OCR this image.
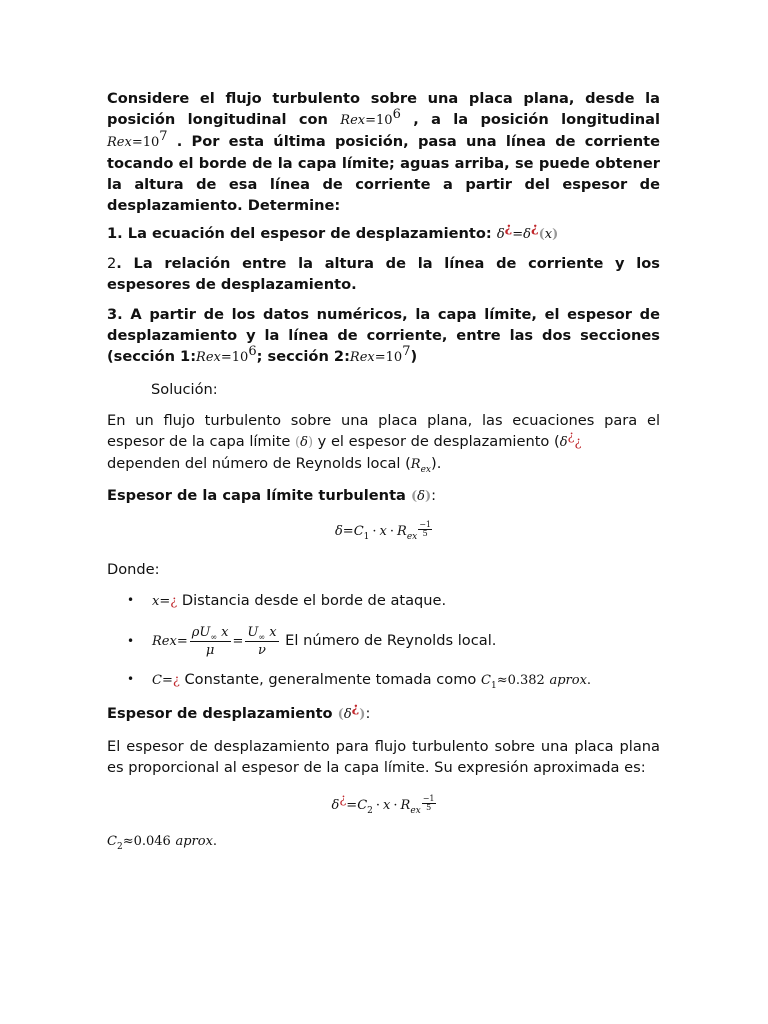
Considere el flujo turbulento sobre una placa plana, desde la posición longitudinal con $Rex=10^6$ , a la posición longitudinal $Rex=10^7$ . Por esta última posición, pasa una línea de corriente tocando el borde de la capa límite; aguas arriba, se puede obtener la altura de esa línea de corriente a partir del espesor de desplazamiento. Determine:

1. La ecuación del espesor de desplazamiento: δ¿=δ¿(x)

2. La relación entre la altura de la línea de corriente y los espesores de desplazamiento.

3. A partir de los datos numéricos, la capa límite, el espesor de desplazamiento y la línea de corriente, entre las dos secciones (sección $1:Rex=10^6$; sección $2:Rex=10^7$)

Solución:

En un flujo turbulento sobre una placa plana, las ecuaciones para el espesor de la capa límite (δ) y el espesor de desplazamiento (δ¿¿
dependen del número de Reynolds local $(R_{ex})$.

Espesor de la capa límite turbulenta (δ):

$\delta=C_1 \cdot x \cdot R_{ex} \frac{-1}{5}$

Donde:

• x=¿ Distancia desde el borde de ataque.
• $Rex= \frac{\rho U_\infty x}{\mu} = \frac{U_\infty x}{\nu}$ El número de Reynolds local.
• C=¿ Constante, generalmente tomada como $C_1\approx 0.382$ aprox.

Espesor de desplazamiento (δ¿):

El espesor de desplazamiento para flujo turbulento sobre una placa plana es proporcional al espesor de la capa límite. Su expresión aproximada es:

$\delta^¿=C_2 \cdot x \cdot R_{ex} \frac{-1}{5}$

$C_2\approx 0.046$ aprox.
